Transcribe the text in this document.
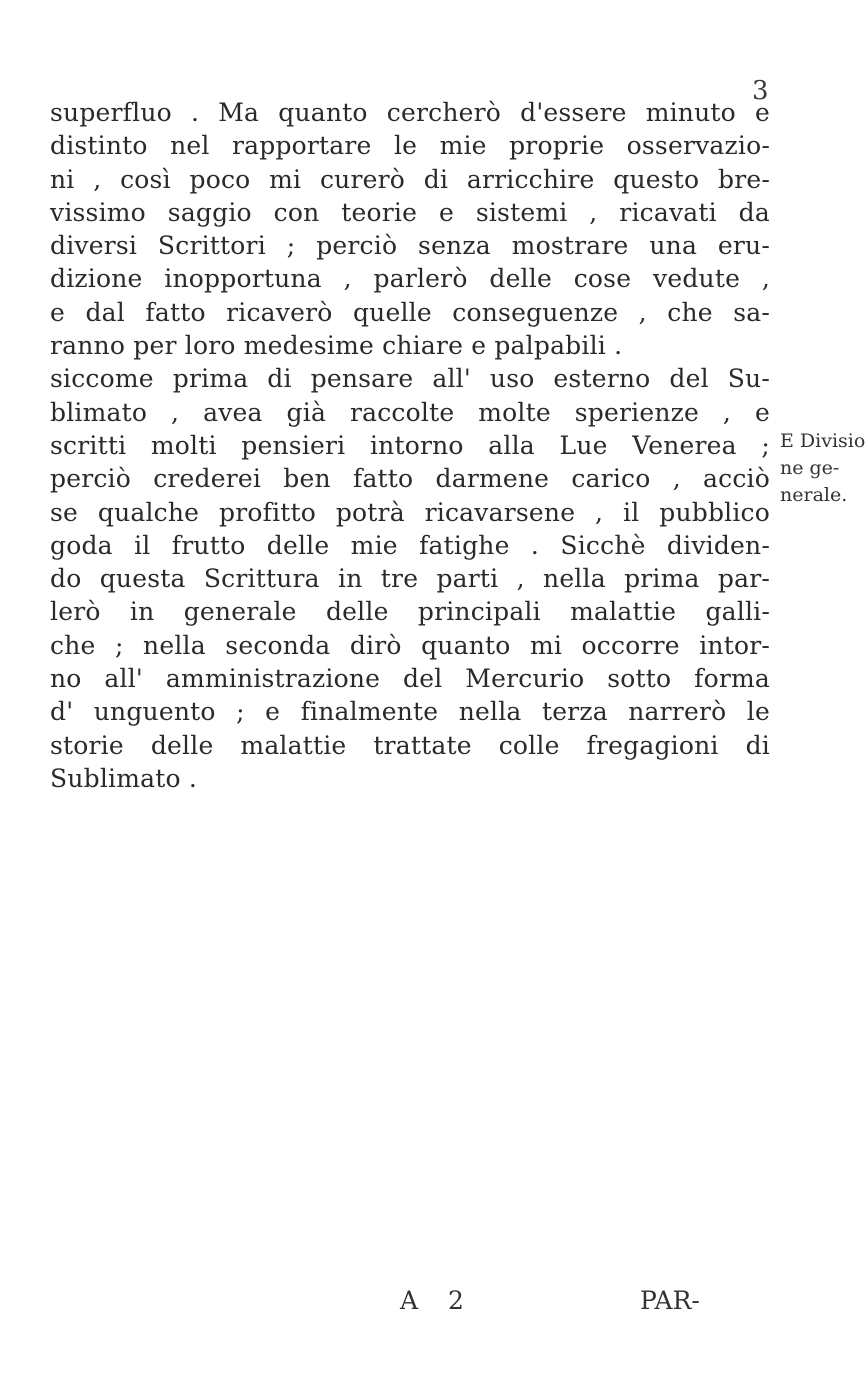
3
superfluo . Ma quanto cercherò d'essere minuto e
distinto nel rapportare le mie proprie osservazio-
ni , così poco mi curerò di arricchire questo bre-
vissimo saggio con teorie e sistemi , ricavati da
diversi Scrittori ; perciò senza mostrare una eru-
dizione inopportuna , parlerò delle cose vedute ,
e dal fatto ricaverò quelle conseguenze , che sa-
ranno per loro medesime chiare e palpabili .
siccome prima di pensare all' uso esterno del Su-
blimato , avea già raccolte molte sperienze , e
scritti molti pensieri intorno alla Lue Venerea ;
perciò crederei ben fatto darmene carico , acciò
se qualche profitto potrà ricavarsene , il pubblico
goda il frutto delle mie fatighe . Sicchè dividen-
do questa Scrittura in tre parti , nella prima par-
lerò in generale delle principali malattie galli-
che ; nella seconda dirò quanto mi occorre intor-
no all' amministrazione del Mercurio sotto forma
d' unguento ; e finalmente nella terza narrerò le
storie delle malattie trattate colle fregagioni di
Sublimato .
E Divisio
ne ge-
nerale.
A 2	PAR-
